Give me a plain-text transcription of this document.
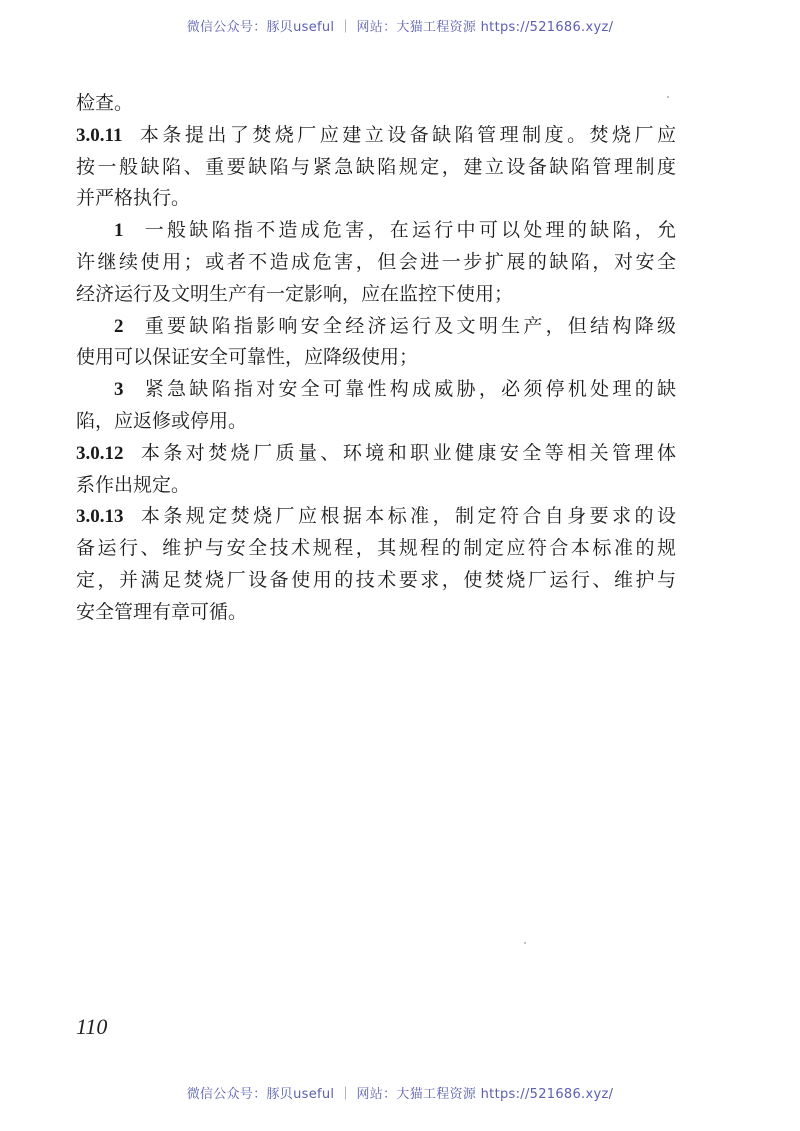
微信公众号：豚贝useful ｜ 网站：大猫工程资源 https://521686.xyz/
检查。
3.0.11 本条提出了焚烧厂应建立设备缺陷管理制度。焚烧厂应
按一般缺陷、重要缺陷与紧急缺陷规定，建立设备缺陷管理制度
并严格执行。
1 一般缺陷指不造成危害，在运行中可以处理的缺陷，允
许继续使用；或者不造成危害，但会进一步扩展的缺陷，对安全
经济运行及文明生产有一定影响，应在监控下使用；
2 重要缺陷指影响安全经济运行及文明生产，但结构降级
使用可以保证安全可靠性，应降级使用；
3 紧急缺陷指对安全可靠性构成威胁，必须停机处理的缺
陷，应返修或停用。
3.0.12 本条对焚烧厂质量、环境和职业健康安全等相关管理体
系作出规定。
3.0.13 本条规定焚烧厂应根据本标准，制定符合自身要求的设
备运行、维护与安全技术规程，其规程的制定应符合本标准的规
定，并满足焚烧厂设备使用的技术要求，使焚烧厂运行、维护与
安全管理有章可循。
110
微信公众号：豚贝useful ｜ 网站：大猫工程资源 https://521686.xyz/
